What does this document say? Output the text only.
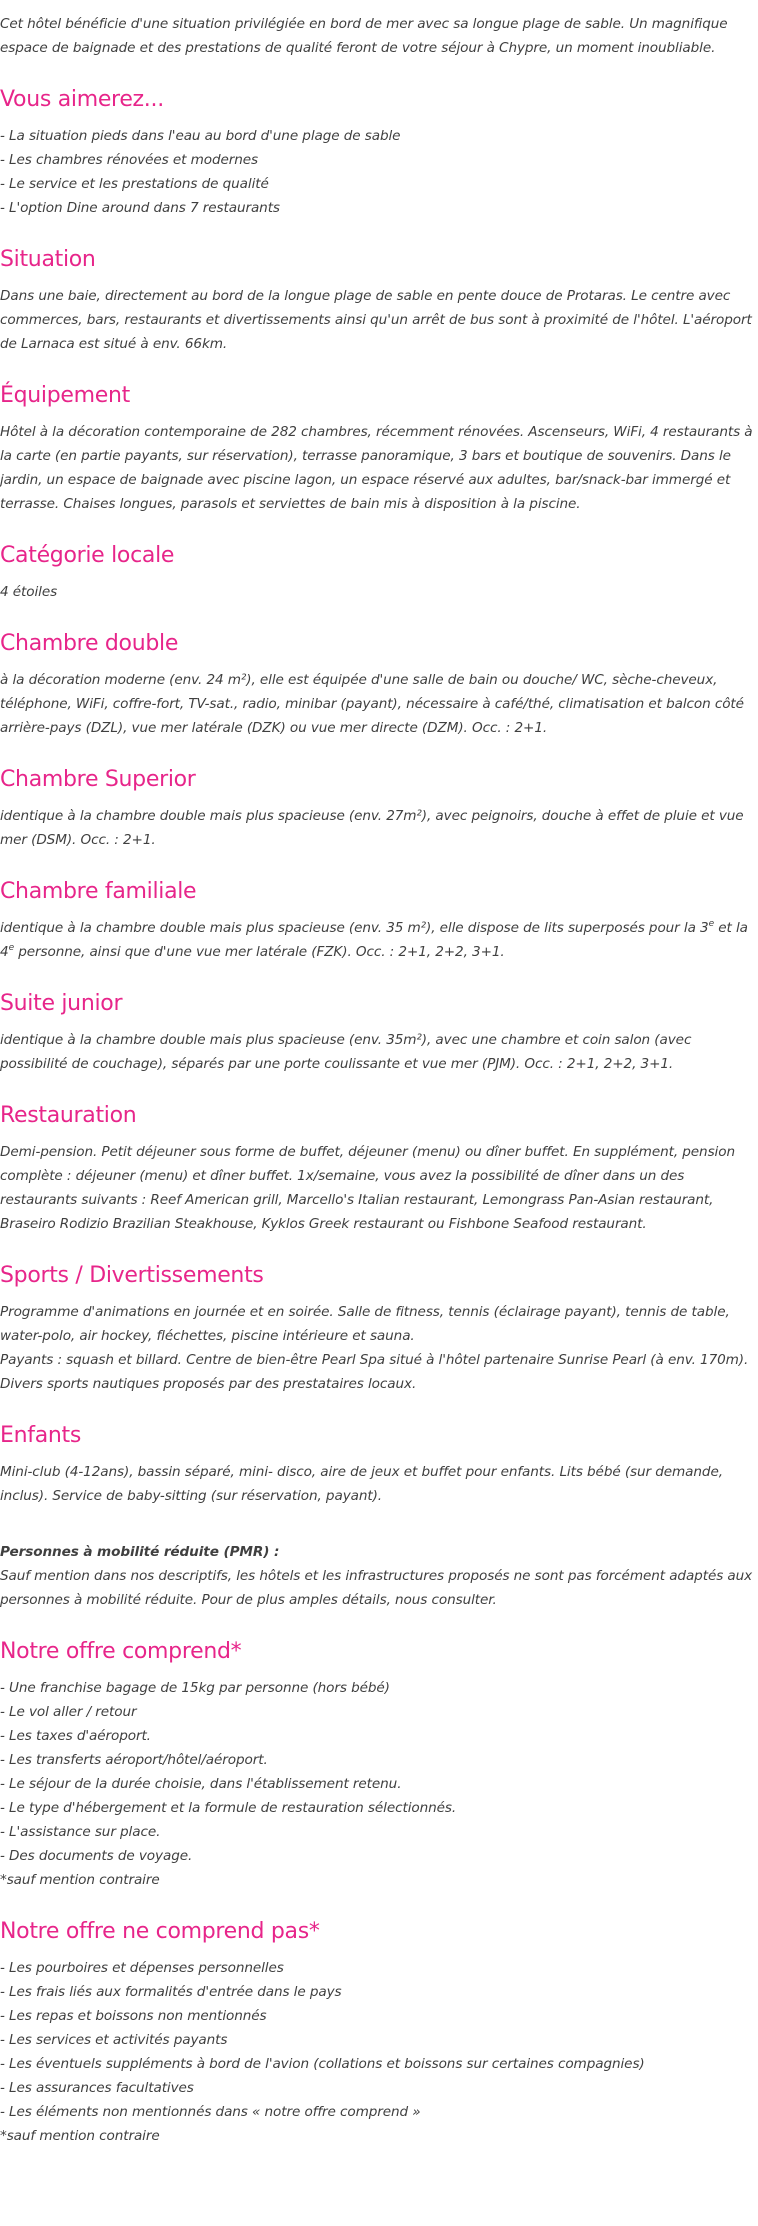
Cet hôtel bénéficie d'une situation privilégiée en bord de mer avec sa longue plage de sable. Un magnifique espace de baignade et des prestations de qualité feront de votre séjour à Chypre, un moment inoubliable.

Vous aimerez...
- La situation pieds dans l'eau au bord d'une plage de sable
- Les chambres rénovées et modernes
- Le service et les prestations de qualité
- L'option Dine around dans 7 restaurants
Situation

Dans une baie, directement au bord de la longue plage de sable en pente douce de Protaras. Le centre avec commerces, bars, restaurants et divertissements ainsi qu'un arrêt de bus sont à proximité de l'hôtel. L'aéroport de Larnaca est situé à env. 66km.

Équipement

Hôtel à la décoration contemporaine de 282 chambres, récemment rénovées. Ascenseurs, WiFi, 4 restaurants à la carte (en partie payants, sur réservation), terrasse panoramique, 3 bars et boutique de souvenirs. Dans le jardin, un espace de baignade avec piscine lagon, un espace réservé aux adultes, bar/snack-bar immergé et terrasse. Chaises longues, parasols et serviettes de bain mis à disposition à la piscine.

Catégorie locale

4 étoiles

Chambre double

à la décoration moderne (env. 24 m²), elle est équipée d'une salle de bain ou douche/ WC, sèche-cheveux, téléphone, WiFi, coffre-fort, TV-sat., radio, minibar (payant), nécessaire à café/thé, climatisation et balcon côté arrière-pays (DZL), vue mer latérale (DZK) ou vue mer directe (DZM). Occ. : 2+1.

Chambre Superior

identique à la chambre double mais plus spacieuse (env. 27m²), avec peignoirs, douche à effet de pluie et vue mer (DSM). Occ. : 2+1.

Chambre familiale

identique à la chambre double mais plus spacieuse (env. 35 m²), elle dispose de lits superposés pour la 3e et la 4e personne, ainsi que d'une vue mer latérale (FZK). Occ. : 2+1, 2+2, 3+1.

Suite junior

identique à la chambre double mais plus spacieuse (env. 35m²), avec une chambre et coin salon (avec possibilité de couchage), séparés par une porte coulissante et vue mer (PJM). Occ. : 2+1, 2+2, 3+1.

Restauration

Demi-pension. Petit déjeuner sous forme de buffet, déjeuner (menu) ou dîner buffet. En supplément, pension complète : déjeuner (menu) et dîner buffet. 1x/semaine, vous avez la possibilité de dîner dans un des restaurants suivants : Reef American grill, Marcello's Italian restaurant, Lemongrass Pan-Asian restaurant, Braseiro Rodizio Brazilian Steakhouse, Kyklos Greek restaurant ou Fishbone Seafood restaurant.

Sports / Divertissements

Programme d'animations en journée et en soirée. Salle de fitness, tennis (éclairage payant), tennis de table, water-polo, air hockey, fléchettes, piscine intérieure et sauna.

Payants : squash et billard. Centre de bien-être Pearl Spa situé à l'hôtel partenaire Sunrise Pearl (à env. 170m). Divers sports nautiques proposés par des prestataires locaux.

Enfants

Mini-club (4-12ans), bassin séparé, mini- disco, aire de jeux et buffet pour enfants. Lits bébé (sur demande, inclus). Service de baby-sitting (sur réservation, payant).

Personnes à mobilité réduite (PMR) :

Sauf mention dans nos descriptifs, les hôtels et les infrastructures proposés ne sont pas forcément adaptés aux personnes à mobilité réduite. Pour de plus amples détails, nous consulter.

Notre offre comprend*
- Une franchise bagage de 15kg par personne (hors bébé)
- Le vol aller / retour
- Les taxes d'aéroport.
- Les transferts aéroport/hôtel/aéroport.
- Le séjour de la durée choisie, dans l'établissement retenu.
- Le type d'hébergement et la formule de restauration sélectionnés.
- L'assistance sur place.
- Des documents de voyage.
*sauf mention contraire
Notre offre ne comprend pas*
- Les pourboires et dépenses personnelles
- Les frais liés aux formalités d'entrée dans le pays
- Les repas et boissons non mentionnés
- Les services et activités payants
- Les éventuels suppléments à bord de l'avion (collations et boissons sur certaines compagnies)
- Les assurances facultatives
- Les éléments non mentionnés dans « notre offre comprend »
*sauf mention contraire
